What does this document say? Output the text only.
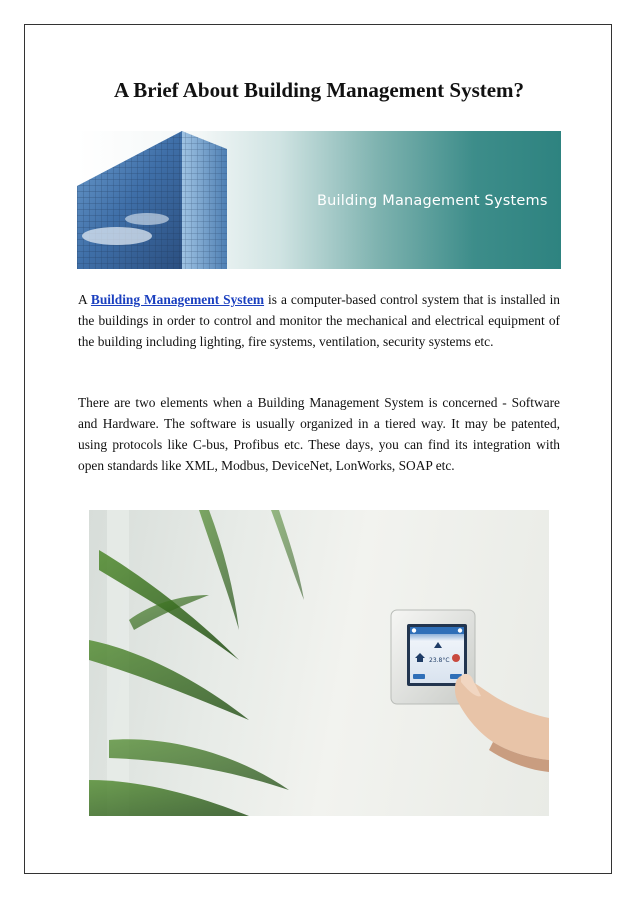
A Brief About Building Management System?
Building Management Systems

A Building Management System is a computer-based control system that is installed in the buildings in order to control and monitor the mechanical and electrical equipment of the building including lighting, fire systems, ventilation, security systems etc.

There are two elements when a Building Management System is concerned - Software and Hardware. The software is usually organized in a tiered way. It may be patented, using protocols like C-bus, Profibus etc. These days, you can find its integration with open standards like XML, Modbus, DeviceNet, LonWorks, SOAP etc.

23.8°C
